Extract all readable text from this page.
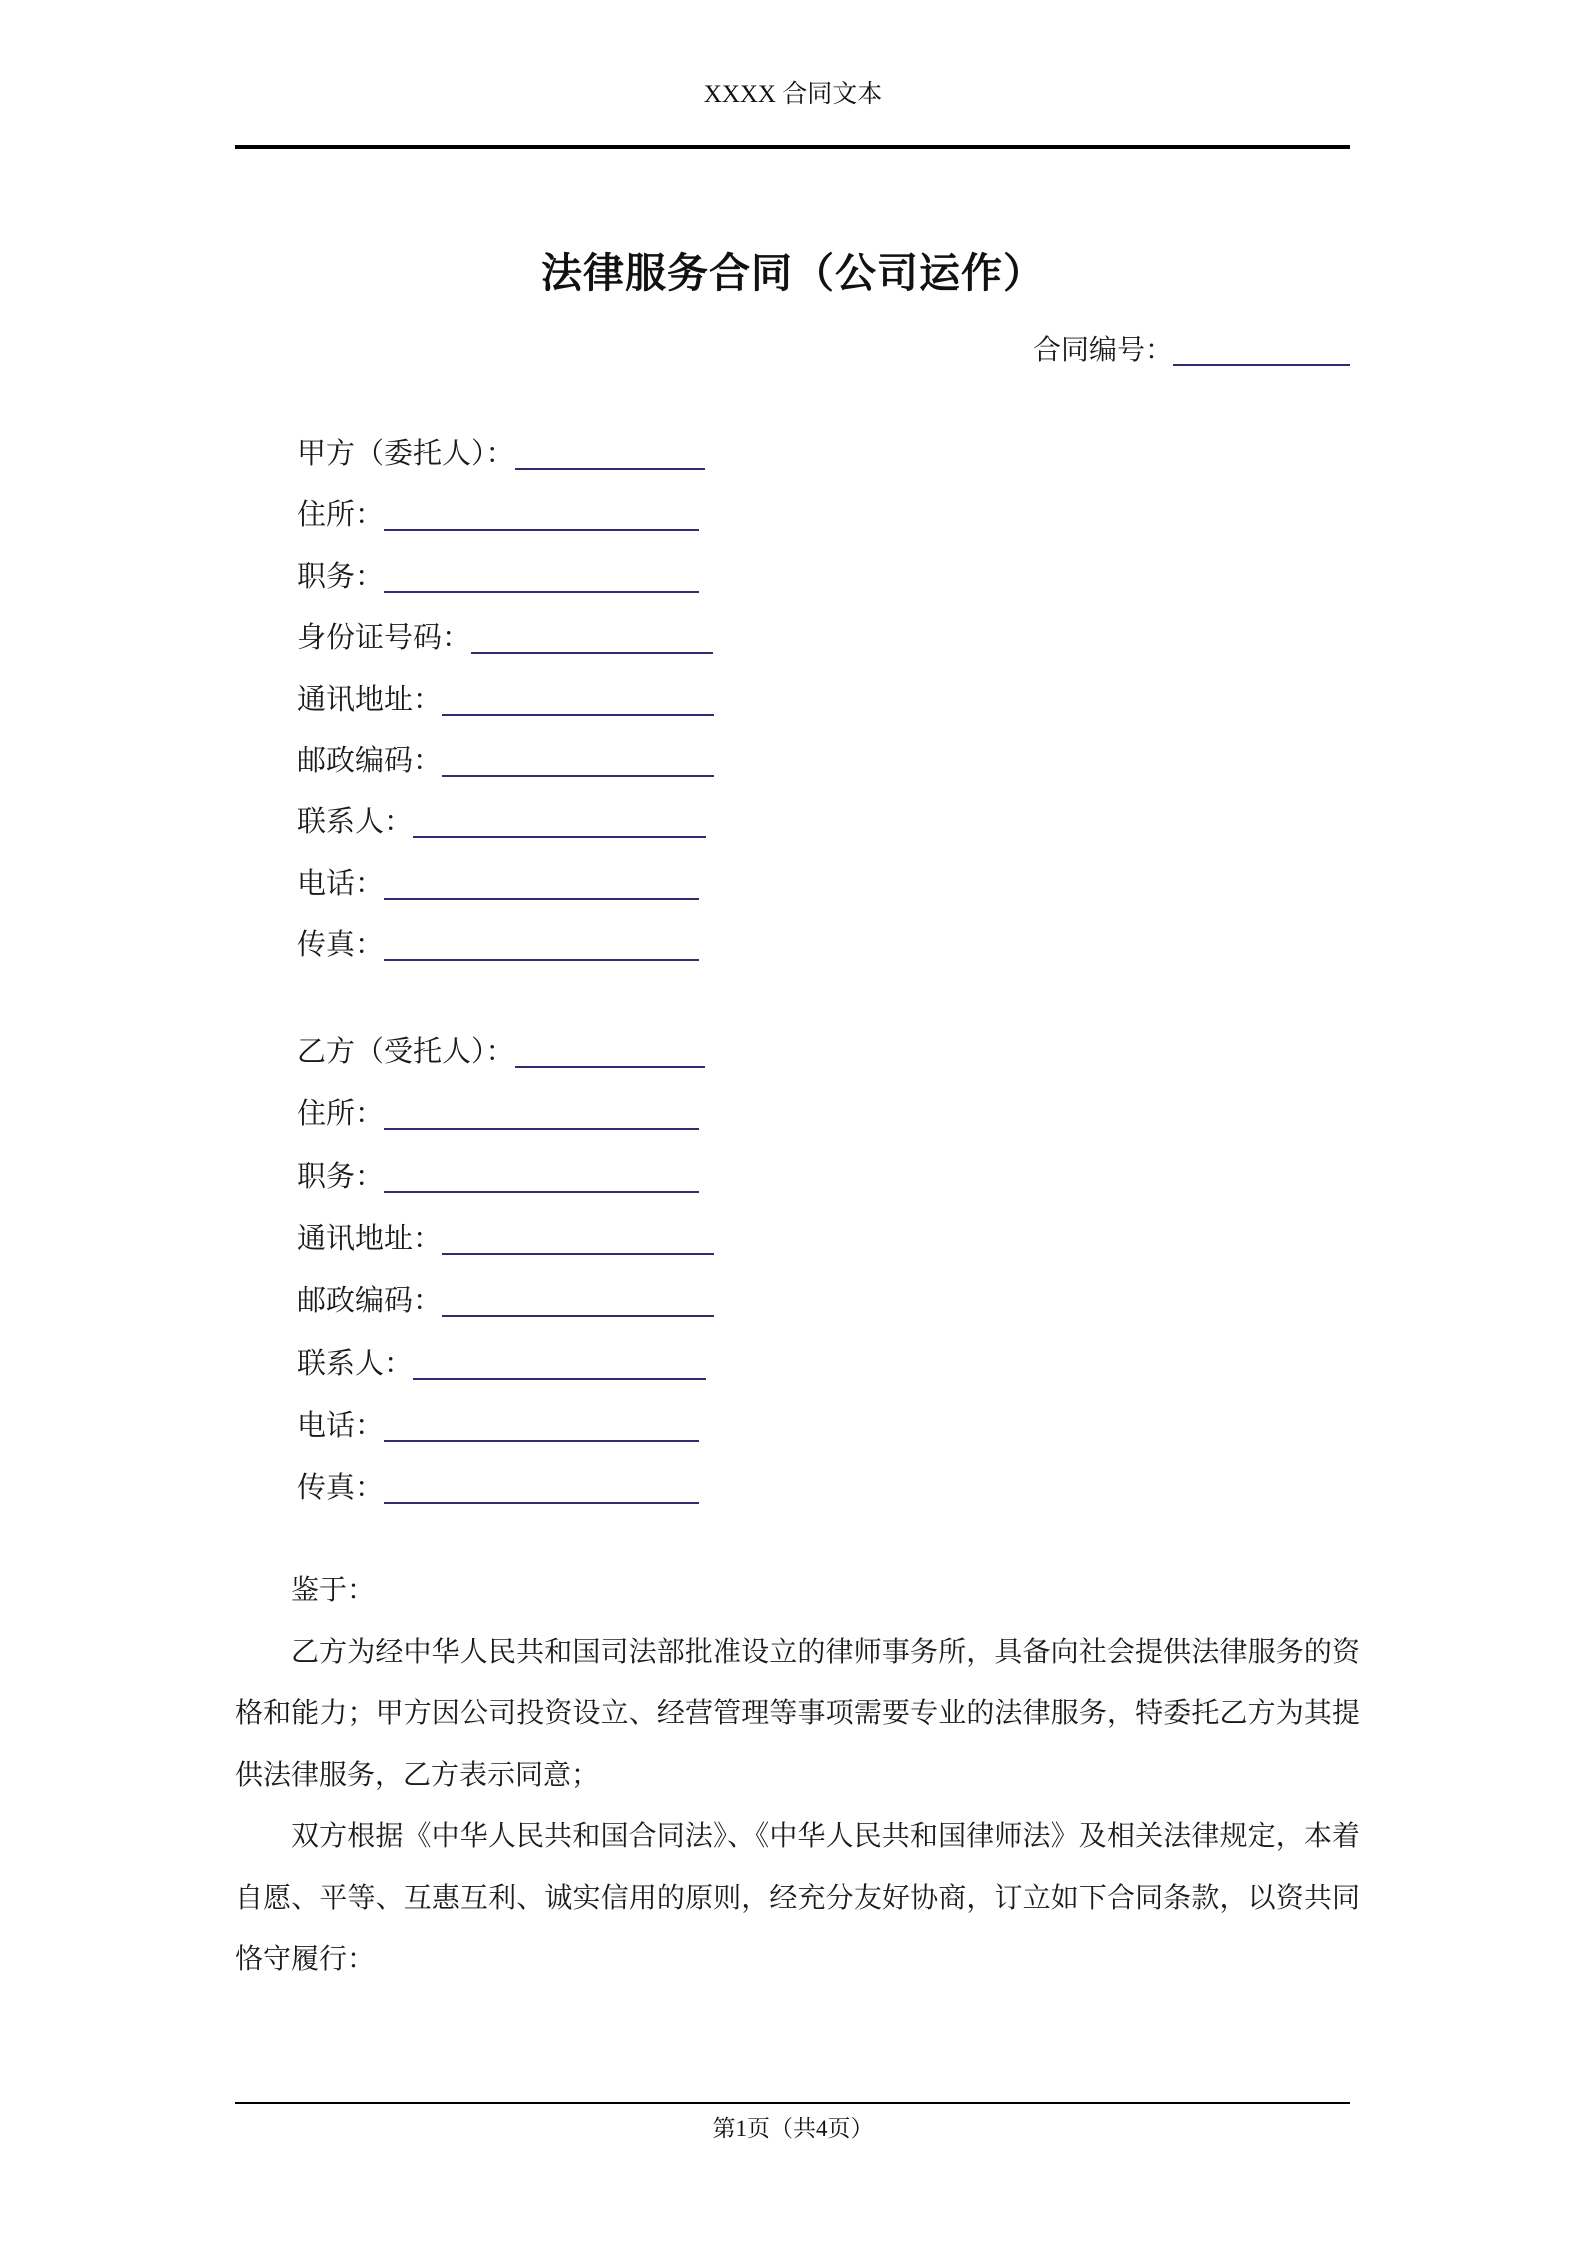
XXXX 合同文本
法律服务合同（公司运作）
合同编号：
甲方（委托人）：
住所：
职务：
身份证号码：
通讯地址：
邮政编码：
联系人：
电话：
传真：
乙方（受托人）：
住所：
职务：
通讯地址：
邮政编码：
联系人：
电话：
传真：
鉴于：

乙方为经中华人民共和国司法部批准设立的律师事务所，具备向社会提供法律服务的资格和能力；甲方因公司投资设立、经营管理等事项需要专业的法律服务，特委托乙方为其提供法律服务，乙方表示同意；

双方根据《中华人民共和国合同法》、《中华人民共和国律师法》及相关法律规定，本着自愿、平等、互惠互利、诚实信用的原则，经充分友好协商，订立如下合同条款，以资共同恪守履行：

第1页（共4页）
